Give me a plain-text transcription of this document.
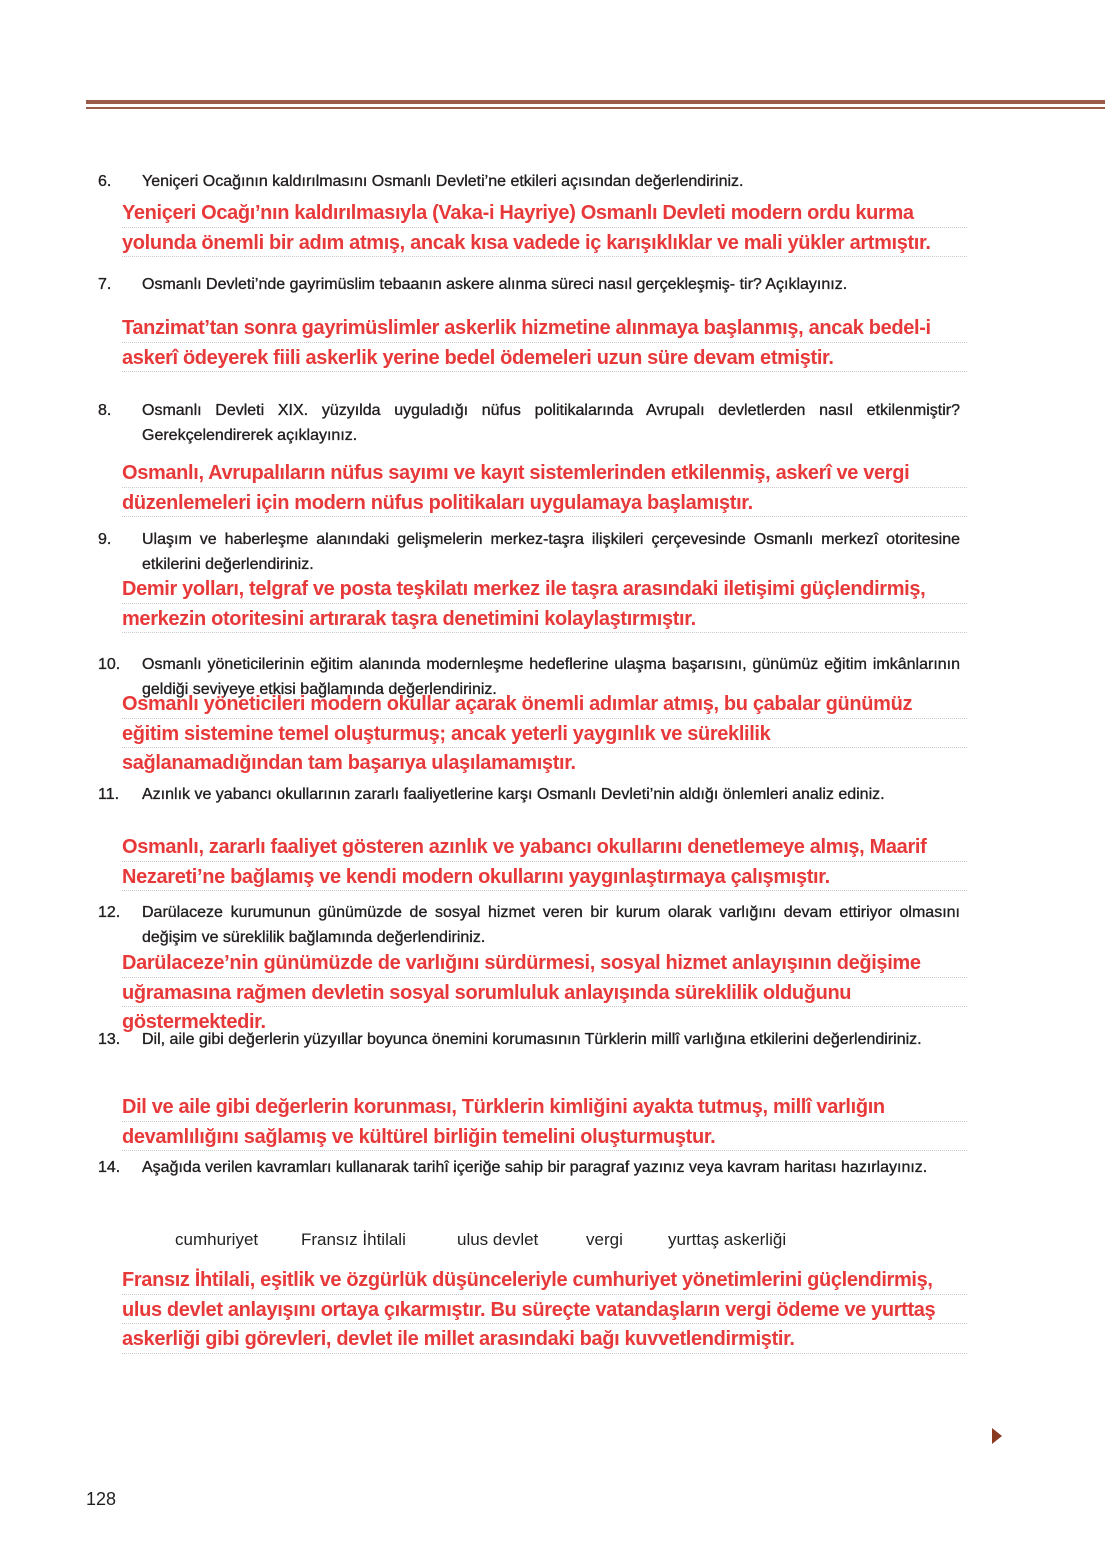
6. Yeniçeri Ocağının kaldırılmasını Osmanlı Devleti’ne etkileri açısından değerlendiriniz.
Yeniçeri Ocağı’nın kaldırılmasıyla (Vaka-i Hayriye) Osmanlı Devleti modern ordu kurma
yolunda önemli bir adım atmış, ancak kısa vadede iç karışıklıklar ve mali yükler artmıştır.
7. Osmanlı Devleti’nde gayrimüslim tebaanın askere alınma süreci nasıl gerçekleşmiş- tir? Açıklayınız.
Tanzimat’tan sonra gayrimüslimler askerlik hizmetine alınmaya başlanmış, ancak bedel-i
askerî ödeyerek fiili askerlik yerine bedel ödemeleri uzun süre devam etmiştir.
8. Osmanlı Devleti XIX. yüzyılda uyguladığı nüfus politikalarında Avrupalı devletlerden nasıl etkilenmiştir? Gerekçelendirerek açıklayınız.
Osmanlı, Avrupalıların nüfus sayımı ve kayıt sistemlerinden etkilenmiş, askerî ve vergi
düzenlemeleri için modern nüfus politikaları uygulamaya başlamıştır.
9. Ulaşım ve haberleşme alanındaki gelişmelerin merkez-taşra ilişkileri çerçevesinde Osmanlı merkezî otoritesine etkilerini değerlendiriniz.
Demir yolları, telgraf ve posta teşkilatı merkez ile taşra arasındaki iletişimi güçlendirmiş,
merkezin otoritesini artırarak taşra denetimini kolaylaştırmıştır.
10. Osmanlı yöneticilerinin eğitim alanında modernleşme hedeflerine ulaşma başarısını, günümüz eğitim imkânlarının geldiği seviyeye etkisi bağlamında değerlendiriniz.
Osmanlı yöneticileri modern okullar açarak önemli adımlar atmış, bu çabalar günümüz
eğitim sistemine temel oluşturmuş; ancak yeterli yaygınlık ve süreklilik
sağlanamadığından tam başarıya ulaşılamamıştır.
11. Azınlık ve yabancı okullarının zararlı faaliyetlerine karşı Osmanlı Devleti’nin aldığı önlemleri analiz ediniz.
Osmanlı, zararlı faaliyet gösteren azınlık ve yabancı okullarını denetlemeye almış, Maarif
Nezareti’ne bağlamış ve kendi modern okullarını yaygınlaştırmaya çalışmıştır.
12. Darülaceze kurumunun günümüzde de sosyal hizmet veren bir kurum olarak varlığını devam ettiriyor olmasını değişim ve süreklilik bağlamında değerlendiriniz.
Darülaceze’nin günümüzde de varlığını sürdürmesi, sosyal hizmet anlayışının değişime
uğramasına rağmen devletin sosyal sorumluluk anlayışında süreklilik olduğunu
göstermektedir.
13. Dil, aile gibi değerlerin yüzyıllar boyunca önemini korumasının Türklerin millî varlığına etkilerini değerlendiriniz.
Dil ve aile gibi değerlerin korunması, Türklerin kimliğini ayakta tutmuş, millî varlığın
devamlılığını sağlamış ve kültürel birliğin temelini oluşturmuştur.
14. Aşağıda verilen kavramları kullanarak tarihî içeriğe sahip bir paragraf yazınız veya kavram haritası hazırlayınız.
cumhuriyet	Fransız İhtilali	ulus devlet	vergi	yurttaş askerliği
Fransız İhtilali, eşitlik ve özgürlük düşünceleriyle cumhuriyet yönetimlerini güçlendirmiş,
ulus devlet anlayışını ortaya çıkarmıştır. Bu süreçte vatandaşların vergi ödeme ve yurttaş
askerliği gibi görevleri, devlet ile millet arasındaki bağı kuvvetlendirmiştir.
128
